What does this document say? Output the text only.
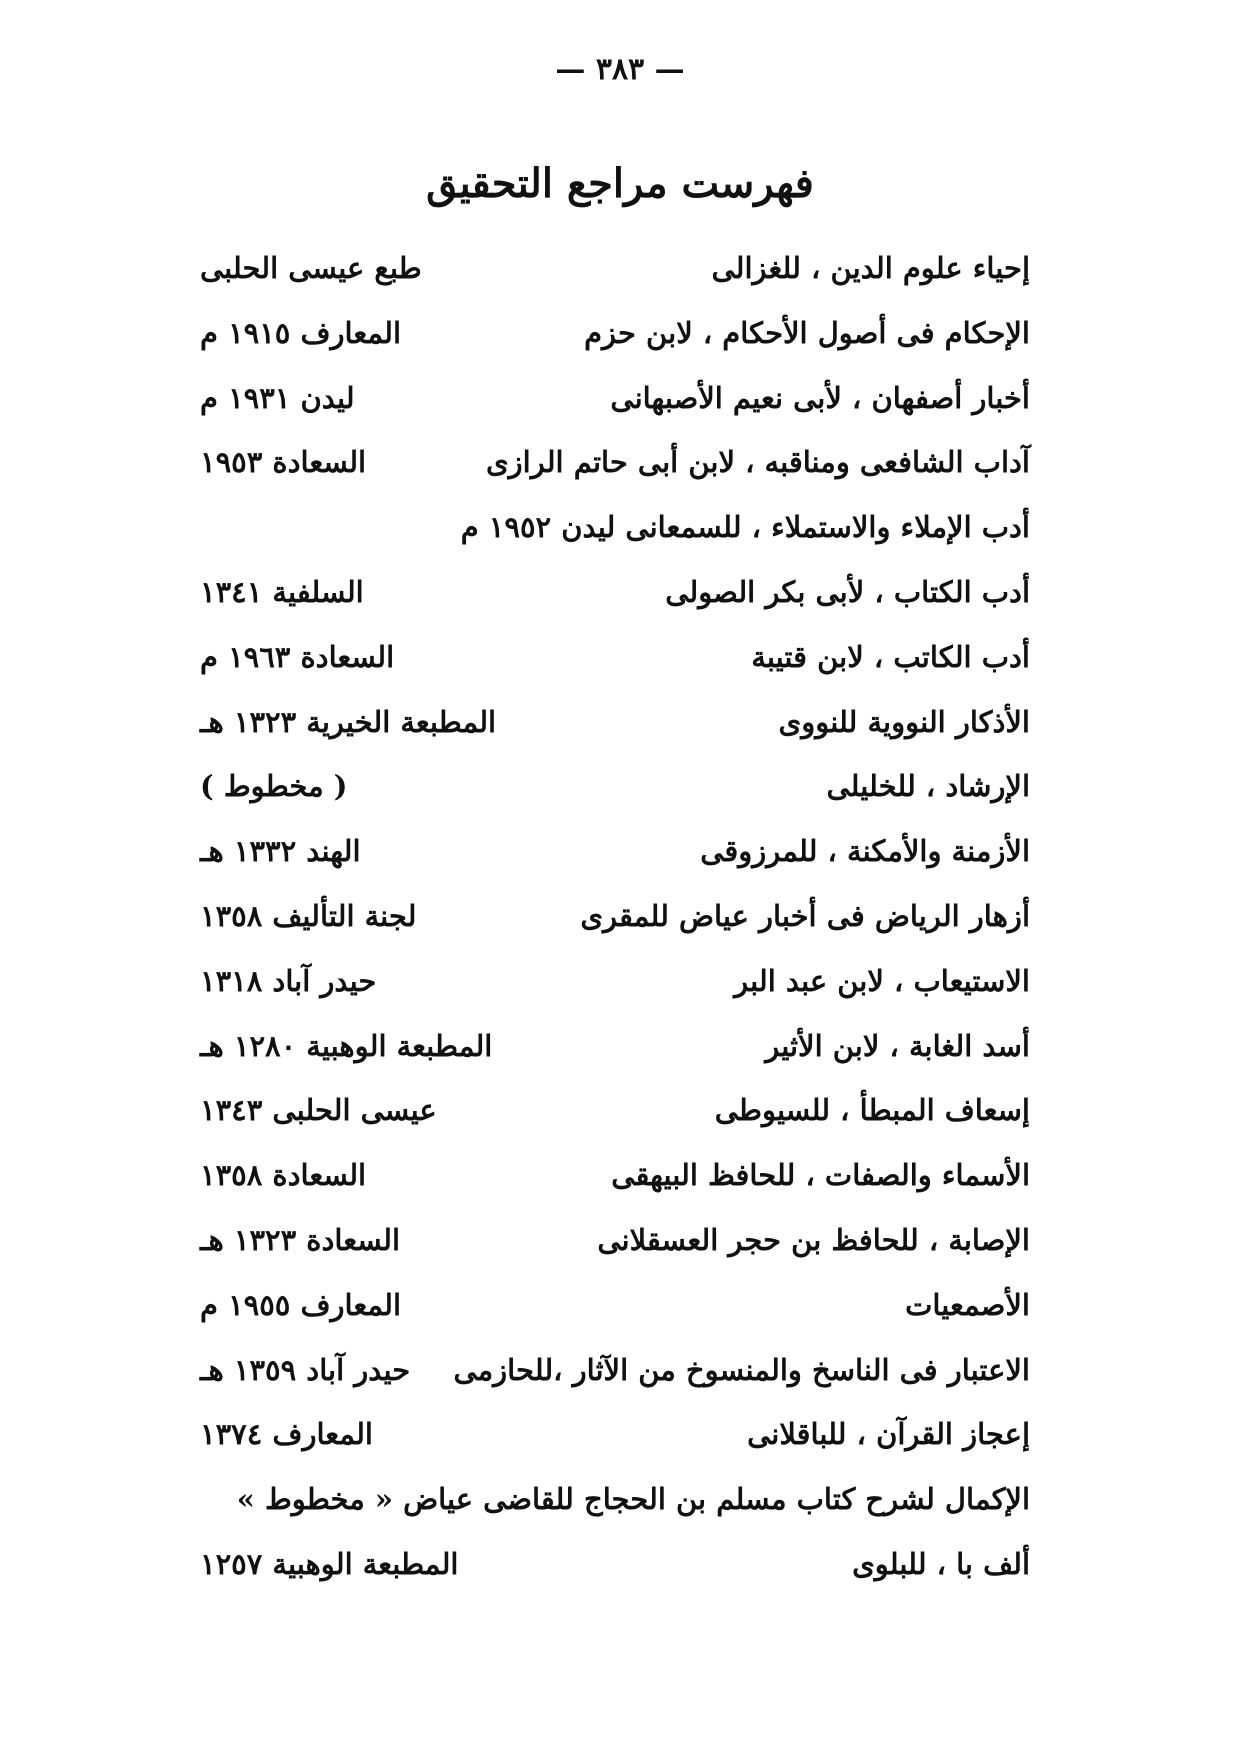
— ٣٨٣ —
فهرست مراجع التحقيق
إحياء علوم الدين ، للغزالى
طبع عيسى الحلبى
الإحكام فى أصول الأحكام ، لابن حزم
المعارف ١٩١٥ م
أخبار أصفهان ، لأبى نعيم الأصبهانى
ليدن ١٩٣١ م
آداب الشافعى ومناقبه ، لابن أبى حاتم الرازى
السعادة ١٩٥٣
أدب الإملاء والاستملاء ، للسمعانى ليدن ١٩٥٢ م
أدب الكتاب ، لأبى بكر الصولى
السلفية ١٣٤١
أدب الكاتب ، لابن قتيبة
السعادة ١٩٦٣ م
الأذكار النووية للنووى
المطبعة الخيرية ١٣٢٣ هـ
الإرشاد ، للخليلى
( مخطوط )
الأزمنة والأمكنة ، للمرزوقى
الهند ١٣٣٢ هـ
أزهار الرياض فى أخبار عياض للمقرى
لجنة التأليف ١٣٥٨
الاستيعاب ، لابن عبد البر
حيدر آباد ١٣١٨
أسد الغابة ، لابن الأثير
المطبعة الوهبية ١٢٨٠ هـ
إسعاف المبطأ ، للسيوطى
عيسى الحلبى ١٣٤٣
الأسماء والصفات ، للحافظ البيهقى
السعادة ١٣٥٨
الإصابة ، للحافظ بن حجر العسقلانى
السعادة ١٣٢٣ هـ
الأصمعيات
المعارف ١٩٥٥ م
الاعتبار فى الناسخ والمنسوخ من الآثار ،للحازمى
حيدر آباد ١٣٥٩ هـ
إعجاز القرآن ، للباقلانى
المعارف ١٣٧٤
الإكمال لشرح كتاب مسلم بن الحجاج للقاضى عياض « مخطوط »
ألف با ، للبلوى
المطبعة الوهبية ١٢٥٧
